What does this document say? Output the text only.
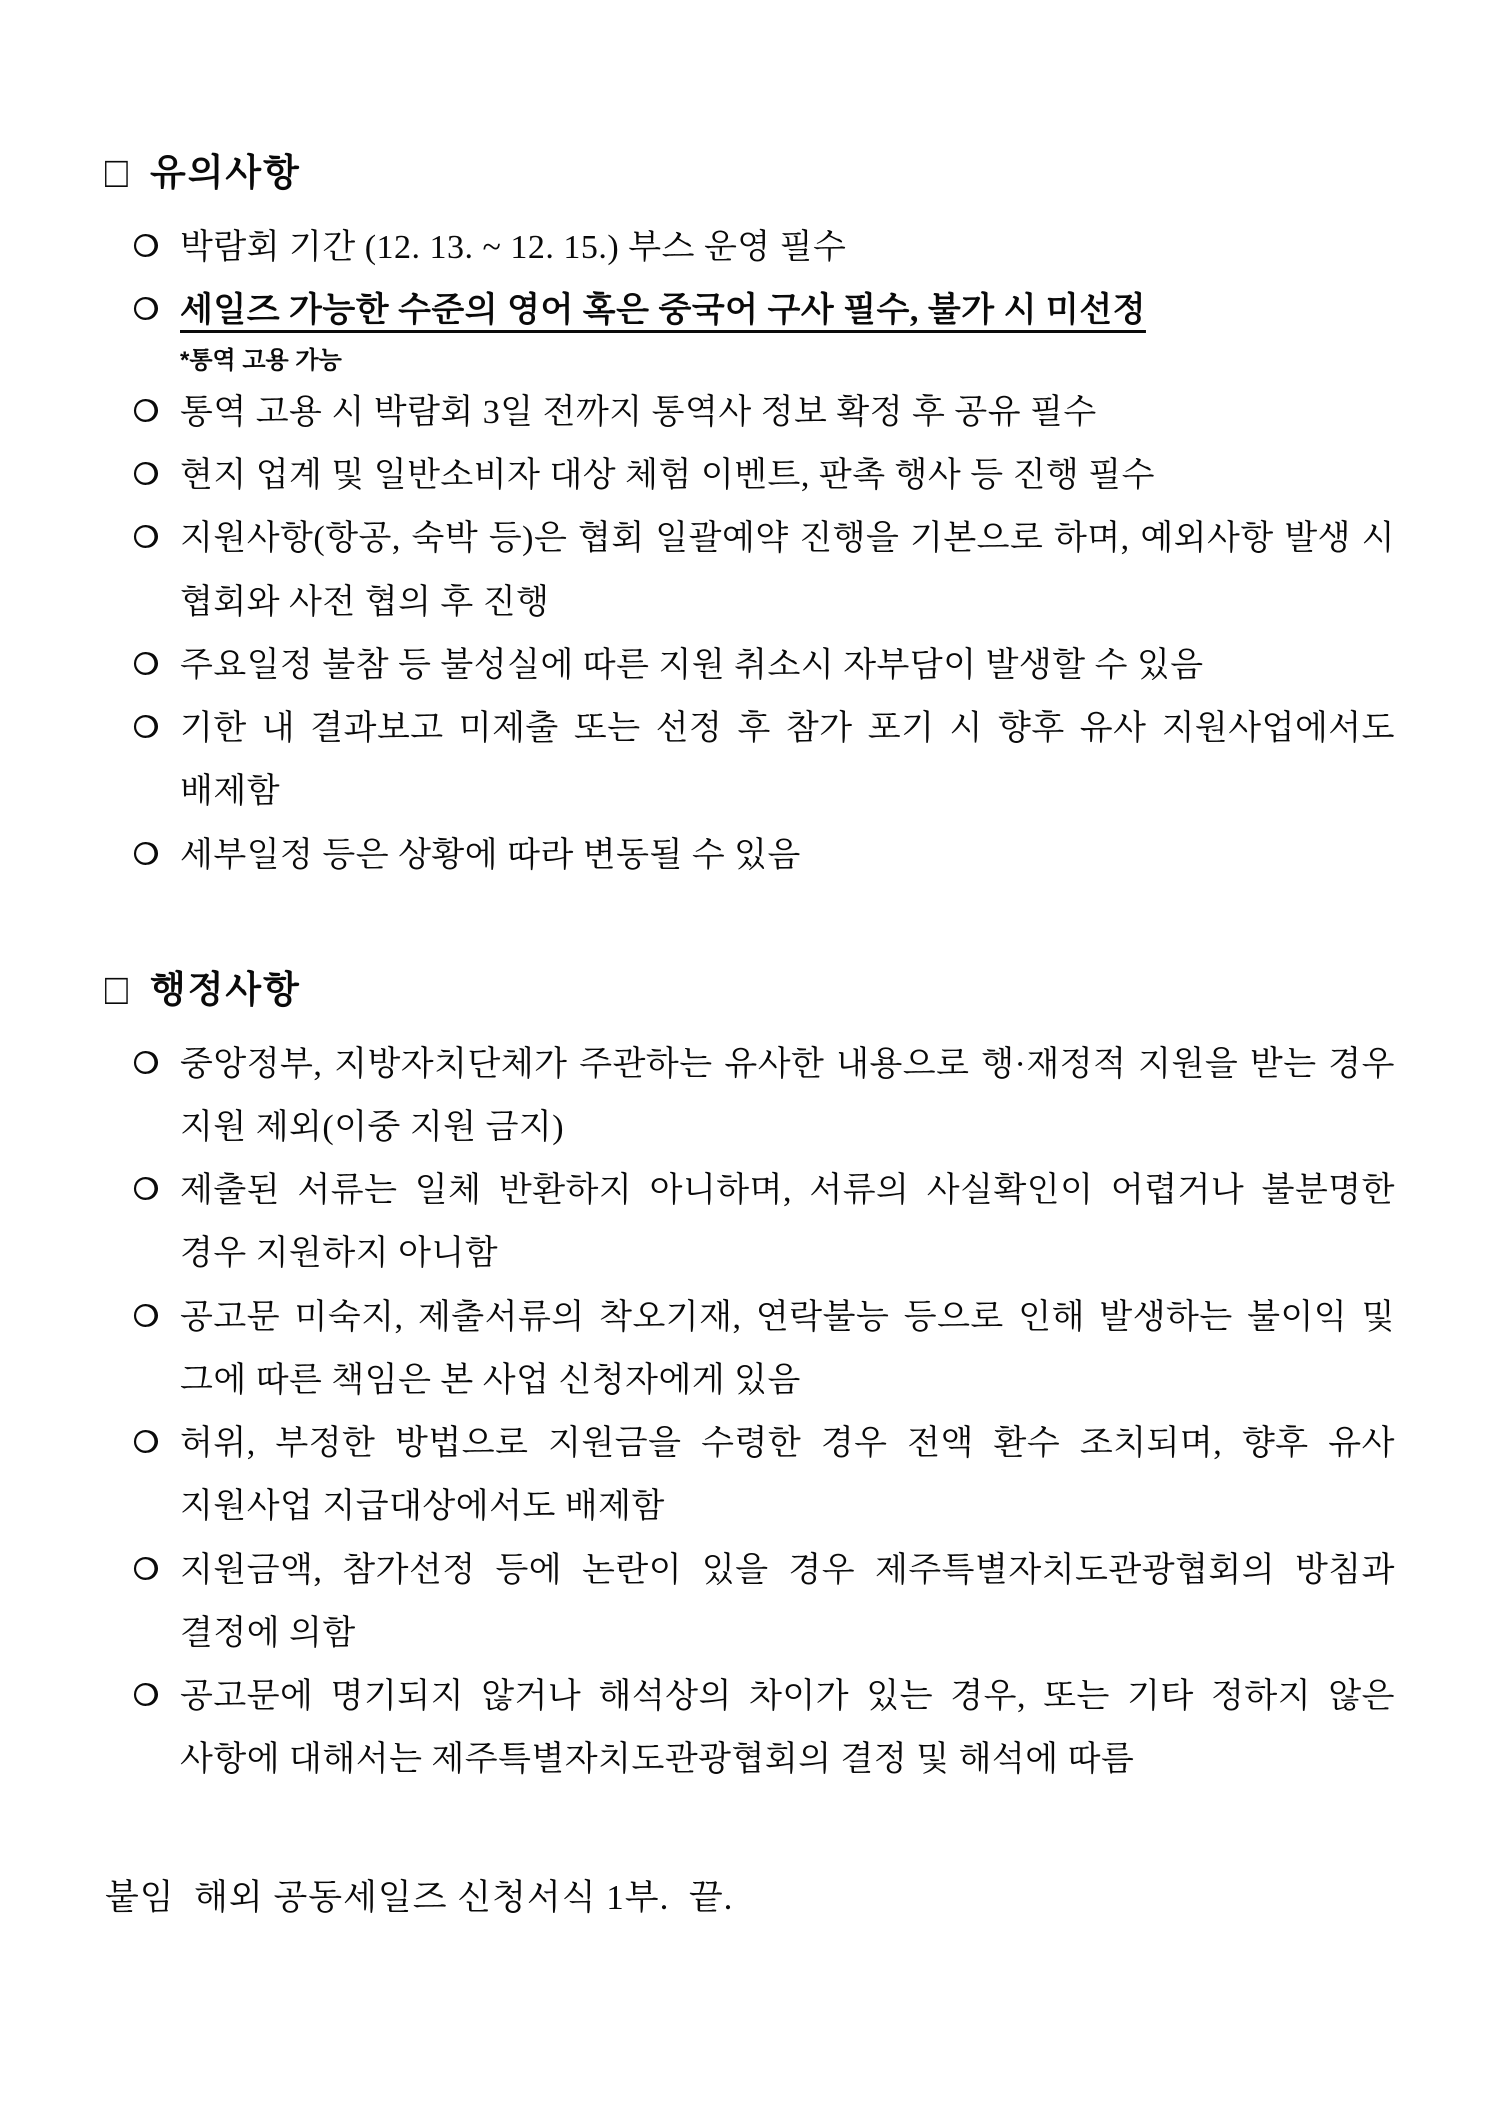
□ 유의사항
❍ 박람회 기간 (12. 13. ~ 12. 15.) 부스 운영 필수
❍ 세일즈 가능한 수준의 영어 혹은 중국어 구사 필수, 불가 시 미선정
*통역 고용 가능
❍ 통역 고용 시 박람회 3일 전까지 통역사 정보 확정 후 공유 필수
❍ 현지 업계 및 일반소비자 대상 체험 이벤트, 판촉 행사 등 진행 필수
❍ 지원사항(항공, 숙박 등)은 협회 일괄예약 진행을 기본으로 하며, 예외사항 발생 시 협회와 사전 협의 후 진행
❍ 주요일정 불참 등 불성실에 따른 지원 취소시 자부담이 발생할 수 있음
❍ 기한 내 결과보고 미제출 또는 선정 후 참가 포기 시 향후 유사 지원사업에서도 배제함
❍ 세부일정 등은 상황에 따라 변동될 수 있음
□ 행정사항
❍ 중앙정부, 지방자치단체가 주관하는 유사한 내용으로 행·재정적 지원을 받는 경우 지원 제외(이중 지원 금지)
❍ 제출된 서류는 일체 반환하지 아니하며, 서류의 사실확인이 어렵거나 불분명한 경우 지원하지 아니함
❍ 공고문 미숙지, 제출서류의 착오기재, 연락불능 등으로 인해 발생하는 불이익 및 그에 따른 책임은 본 사업 신청자에게 있음
❍ 허위, 부정한 방법으로 지원금을 수령한 경우 전액 환수 조치되며, 향후 유사 지원사업 지급대상에서도 배제함
❍ 지원금액, 참가선정 등에 논란이 있을 경우 제주특별자치도관광협회의 방침과 결정에 의함
❍ 공고문에 명기되지 않거나 해석상의 차이가 있는 경우, 또는 기타 정하지 않은 사항에 대해서는 제주특별자치도관광협회의 결정 및 해석에 따름
붙임  해외 공동세일즈 신청서식 1부.  끝.
